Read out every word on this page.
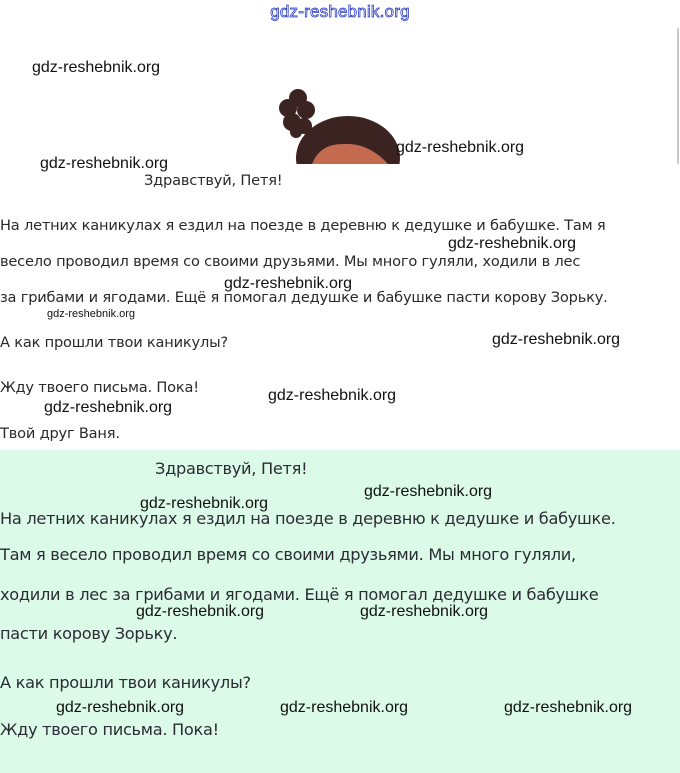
gdz-reshebnik.org
Здравствуй, Петя!
На летних каникулах я ездил на поезде в деревню к дедушке и бабушке. Там я
весело проводил время со своими друзьями. Мы много гуляли, ходили в лес
за грибами и ягодами. Ещё я помогал дедушке и бабушке пасти корову Зорьку.
А как прошли твои каникулы?
Жду твоего письма. Пока!
Твой друг Ваня.
Здравствуй, Петя!
На летних каникулах я ездил на поезде в деревню к дедушке и бабушке.
Там я весело проводил время со своими друзьями. Мы много гуляли,
ходили в лес за грибами и ягодами. Ещё я помогал дедушке и бабушке
пасти корову Зорьку.
А как прошли твои каникулы?
Жду твоего письма. Пока!
gdz-reshebnik.org
gdz-reshebnik.org
gdz-reshebnik.org
gdz-reshebnik.org
gdz-reshebnik.org
gdz-reshebnik.org
gdz-reshebnik.org
gdz-reshebnik.org
gdz-reshebnik.org
gdz-reshebnik.org
gdz-reshebnik.org
gdz-reshebnik.org	gdz-reshebnik.org
gdz-reshebnik.org	gdz-reshebnik.org	gdz-reshebnik.org
